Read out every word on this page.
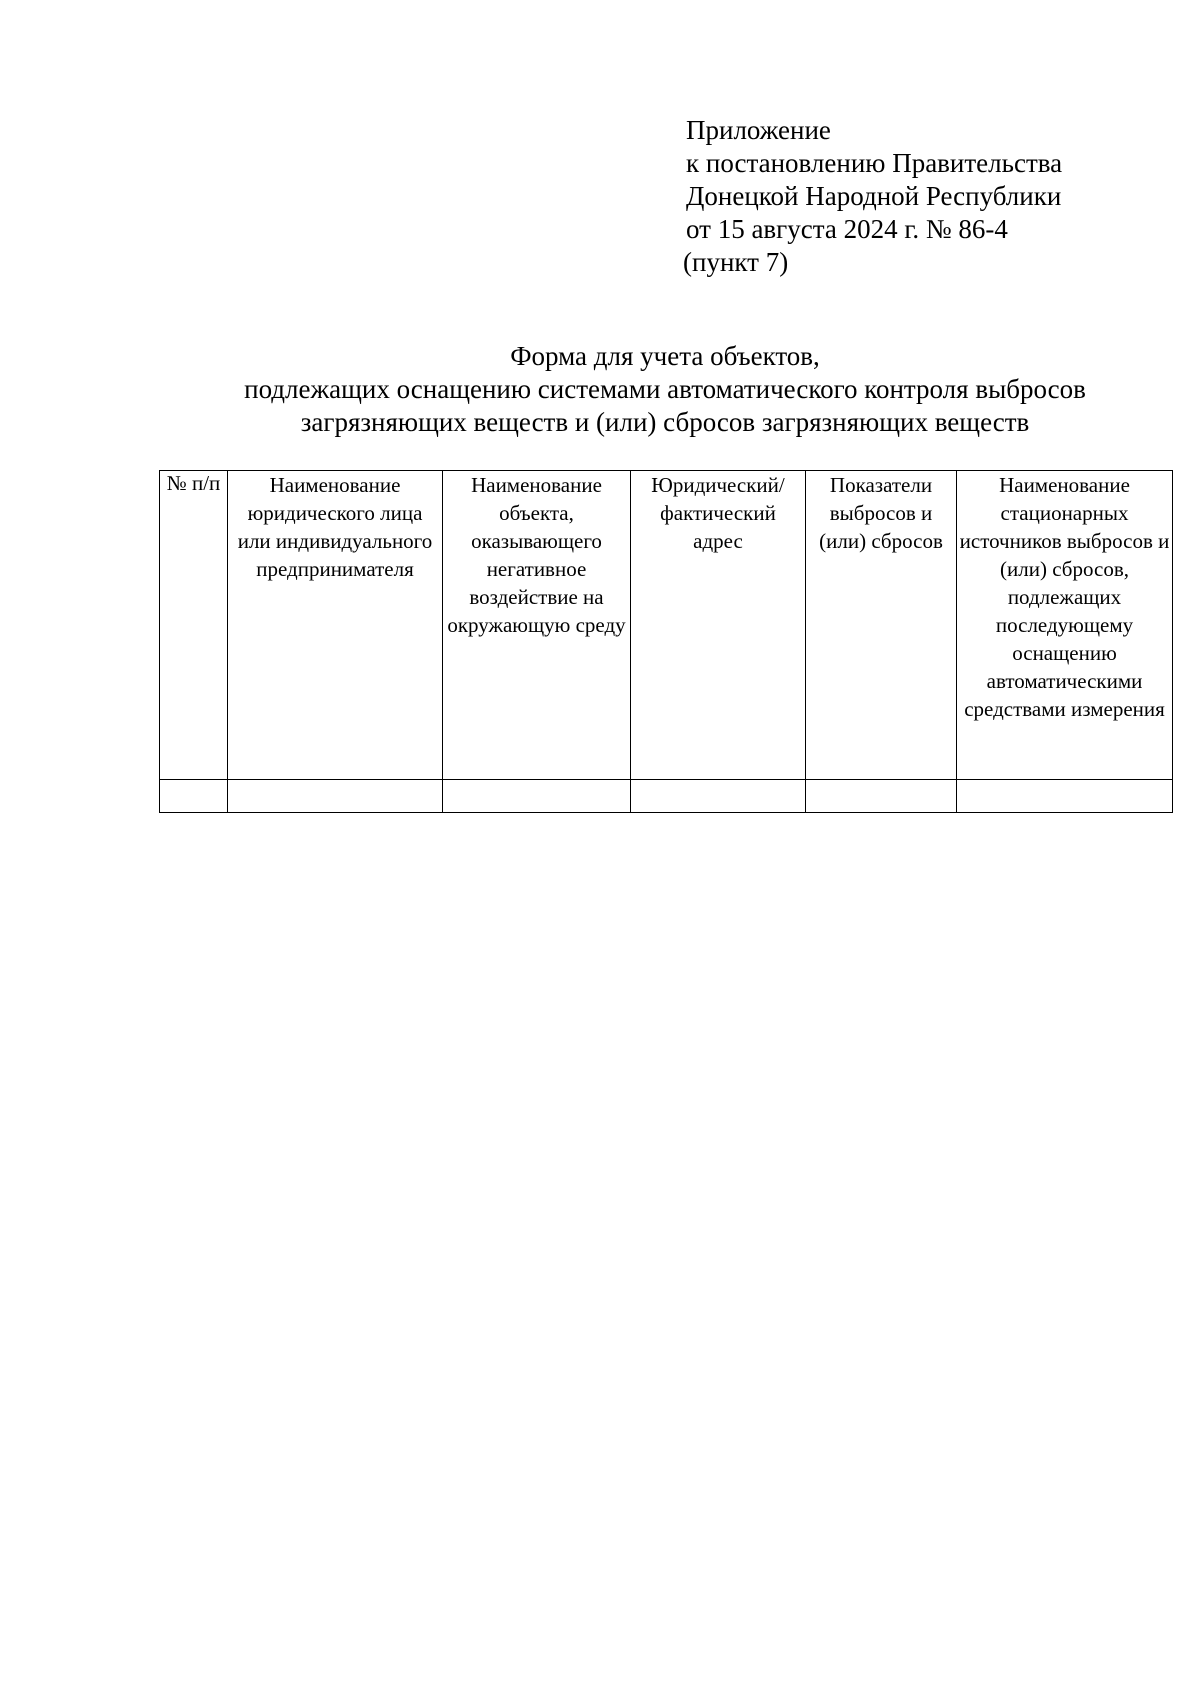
Приложение
к постановлению Правительства
Донецкой Народной Республики
от 15 августа 2024 г. № 86-4
(пункт 7)
Форма для учета объектов,
подлежащих оснащению системами автоматического контроля выбросов
загрязняющих веществ и (или) сбросов загрязняющих веществ
№ п/п	Наименование юридического лица или индивидуального предпринимателя	Наименование объекта, оказывающего негативное воздействие на окружающую среду	Юридический/ фактический адрес	Показатели выбросов и (или) сбросов	Наименование стационарных источников выбросов и (или) сбросов, подлежащих последующему оснащению автоматическими средствами измерения
